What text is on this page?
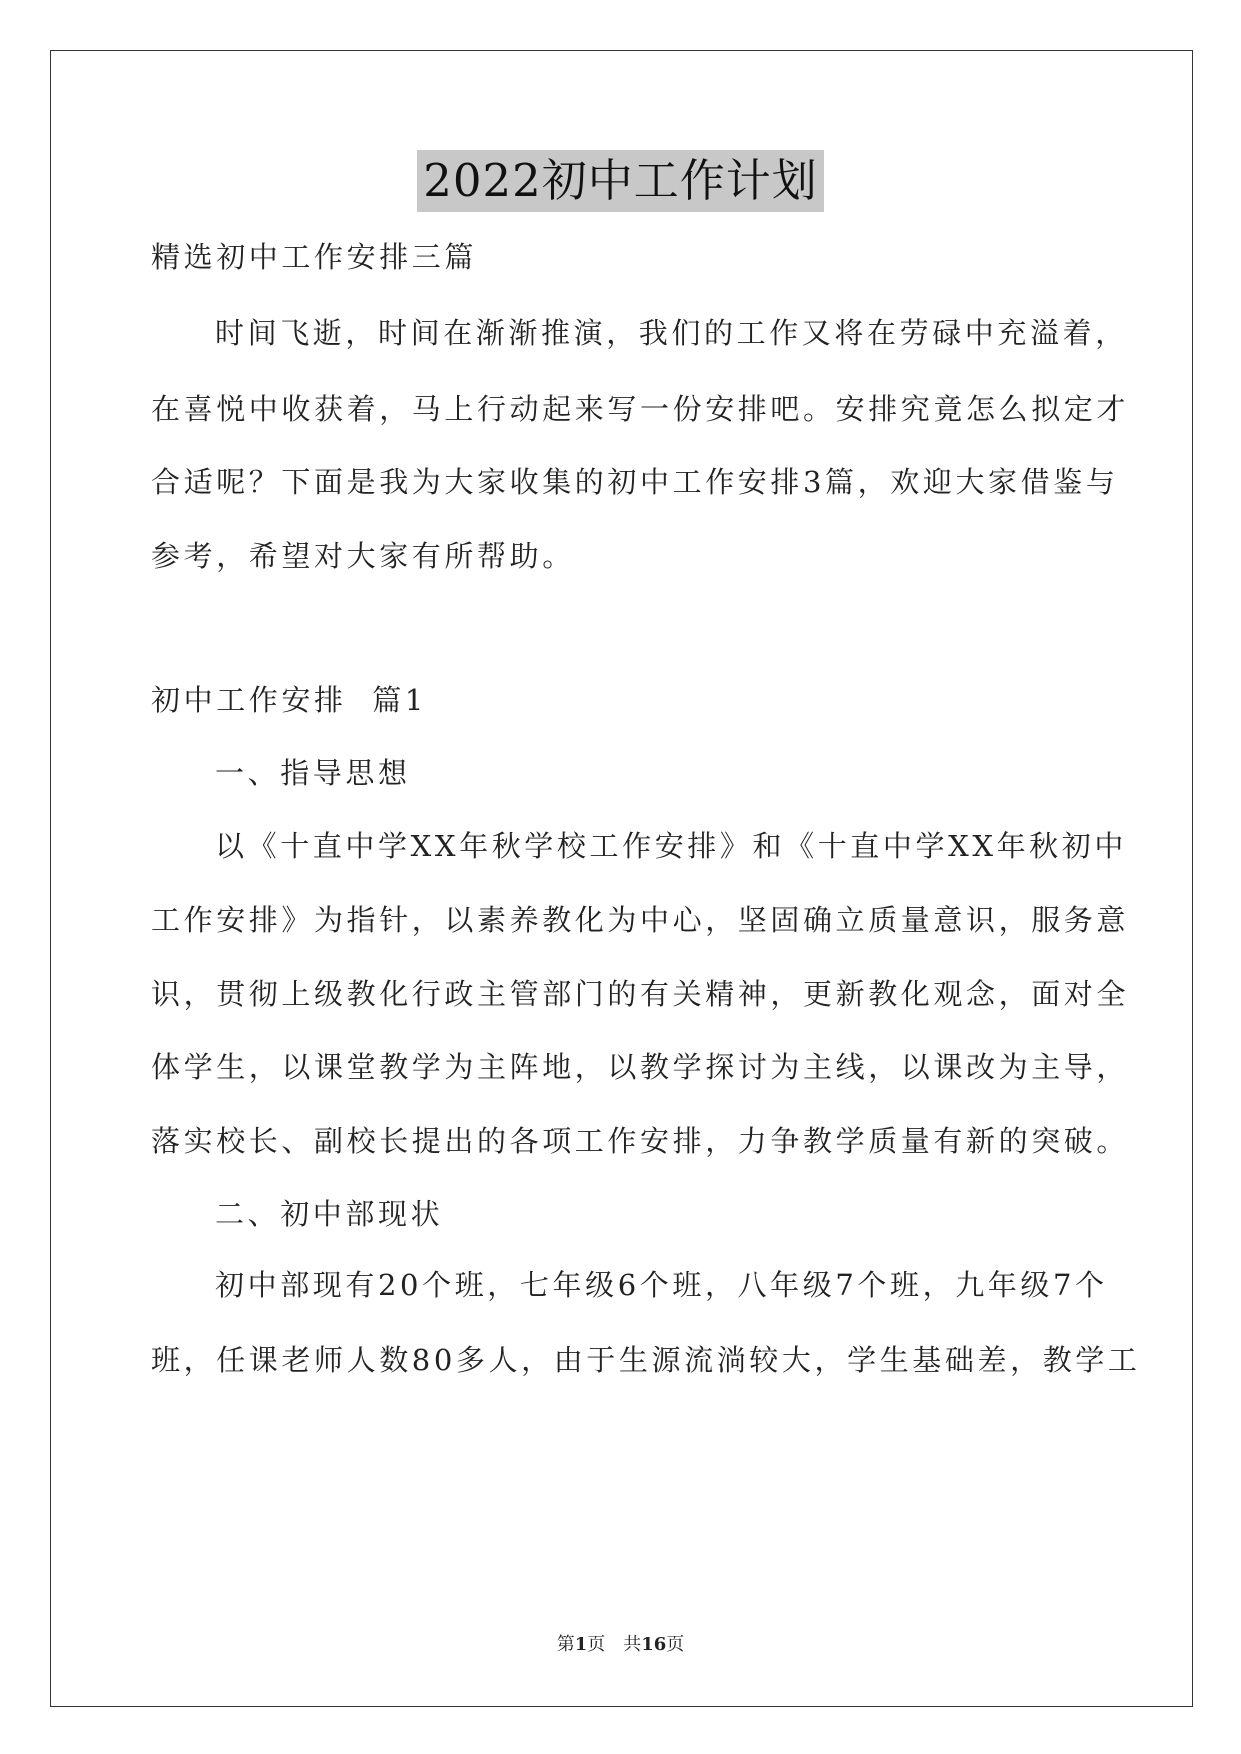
2022初中工作计划
精选初中工作安排三篇
时间飞逝，时间在渐渐推演，我们的工作又将在劳碌中充溢着，
在喜悦中收获着，马上行动起来写一份安排吧。安排究竟怎么拟定才
合适呢？下面是我为大家收集的初中工作安排3篇，欢迎大家借鉴与
参考，希望对大家有所帮助。
初中工作安排  篇1
一、指导思想
以《十直中学XX年秋学校工作安排》和《十直中学XX年秋初中
工作安排》为指针，以素养教化为中心，坚固确立质量意识，服务意
识，贯彻上级教化行政主管部门的有关精神，更新教化观念，面对全
体学生，以课堂教学为主阵地，以教学探讨为主线，以课改为主导，
落实校长、副校长提出的各项工作安排，力争教学质量有新的突破。
二、初中部现状
初中部现有20个班，七年级6个班，八年级7个班，九年级7个
班，任课老师人数80多人，由于生源流淌较大，学生基础差，教学工
第1页 共16页
